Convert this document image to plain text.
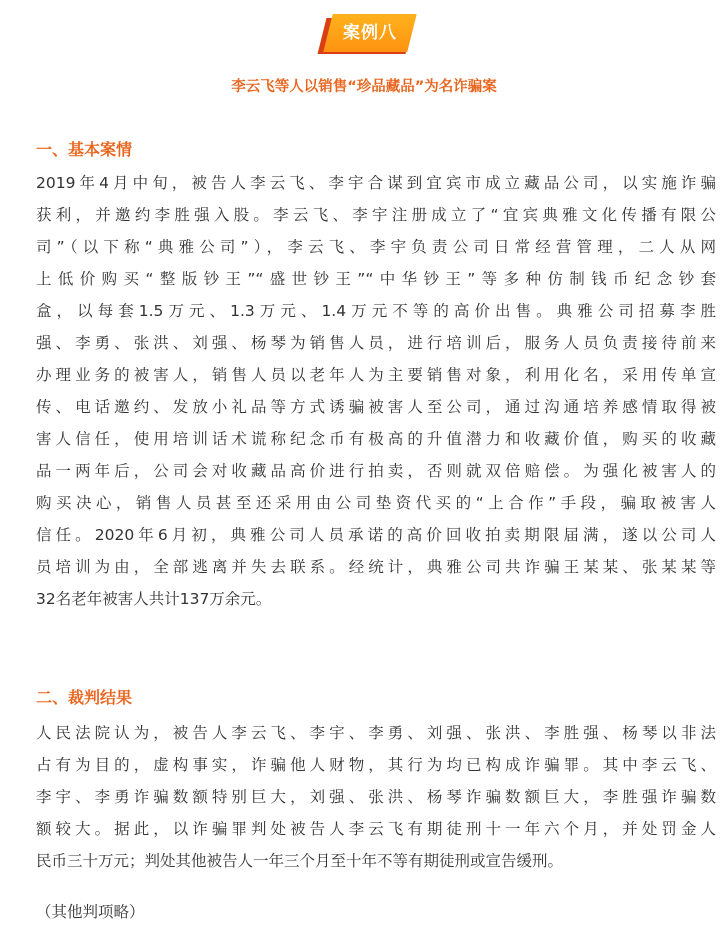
案例八
李云飞等人以销售“珍品藏品”为名诈骗案
一、基本案情
2019年4月中旬，被告人李云飞、李宇合谋到宜宾市成立藏品公司，以实施诈骗
获利，并邀约李胜强入股。李云飞、李宇注册成立了“宜宾典雅文化传播有限公
司”（以下称“典雅公司”），李云飞、李宇负责公司日常经营管理，二人从网
上低价购买“整版钞王”“盛世钞王”“中华钞王”等多种仿制钱币纪念钞套
盒，以每套1.5万元、1.3万元、1.4万元不等的高价出售。典雅公司招募李胜
强、李勇、张洪、刘强、杨琴为销售人员，进行培训后，服务人员负责接待前来
办理业务的被害人，销售人员以老年人为主要销售对象，利用化名，采用传单宣
传、电话邀约、发放小礼品等方式诱骗被害人至公司，通过沟通培养感情取得被
害人信任，使用培训话术谎称纪念币有极高的升值潜力和收藏价值，购买的收藏
品一两年后，公司会对收藏品高价进行拍卖，否则就双倍赔偿。为强化被害人的
购买决心，销售人员甚至还采用由公司垫资代买的“上合作”手段，骗取被害人
信任。2020年6月初，典雅公司人员承诺的高价回收拍卖期限届满，遂以公司人
员培训为由，全部逃离并失去联系。经统计，典雅公司共诈骗王某某、张某某等
32名老年被害人共计137万余元。
二、裁判结果
人民法院认为，被告人李云飞、李宇、李勇、刘强、张洪、李胜强、杨琴以非法
占有为目的，虚构事实，诈骗他人财物，其行为均已构成诈骗罪。其中李云飞、
李宇、李勇诈骗数额特别巨大，刘强、张洪、杨琴诈骗数额巨大，李胜强诈骗数
额较大。据此，以诈骗罪判处被告人李云飞有期徒刑十一年六个月，并处罚金人
民币三十万元；判处其他被告人一年三个月至十年不等有期徒刑或宣告缓刑。
（其他判项略）
